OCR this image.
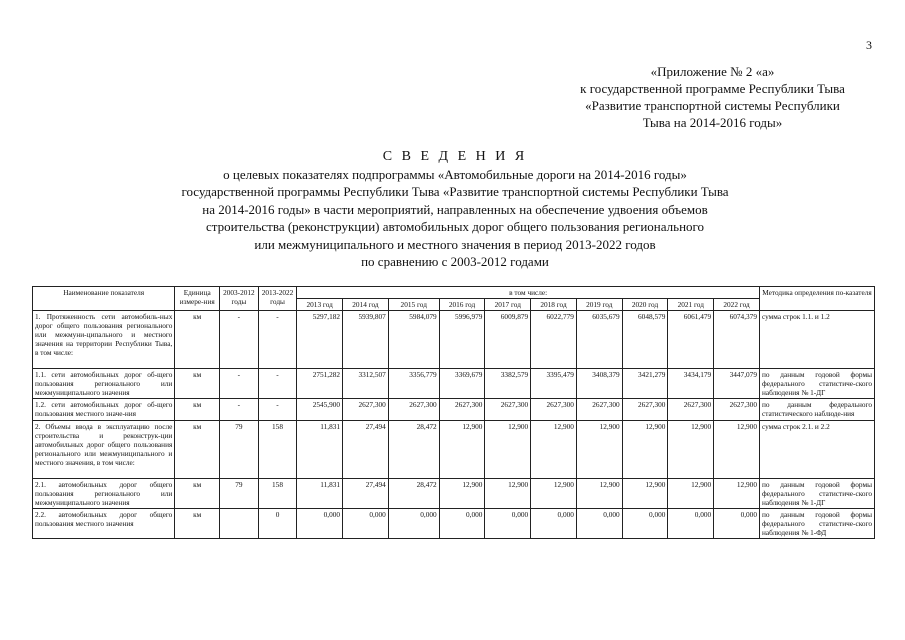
3
«Приложение № 2 «а»
к государственной программе Республики Тыва
«Развитие транспортной системы Республики
Тыва на 2014-2016 годы»
С В Е Д Е Н И Я
о целевых показателях подпрограммы «Автомобильные дороги на 2014-2016 годы»
государственной программы Республики Тыва «Развитие транспортной системы Республики Тыва
на 2014-2016 годы» в части мероприятий, направленных на обеспечение удвоения объемов
строительства (реконструкции) автомобильных дорог общего пользования регионального
или межмуниципального и местного значения в период 2013-2022 годов
по сравнению с 2003-2012 годами
Наименование показателя	Единица измере-ния	2003-2012 годы	2013-2022 годы	в том числе:										Методика определения по-казателя
				2013 год	2014 год	2015 год	2016 год	2017 год	2018 год	2019 год	2020 год	2021 год	2022 год	
1. Протяженность сети автомобиль-ных дорог общего пользования регионального или межмуни-ципального и местного значения на территории Республики Тыва, в том числе:	км	-	-	5297,182	5939,807	5984,079	5996,979	6009,879	6022,779	6035,679	6048,579	6061,479	6074,379	сумма строк 1.1. и 1.2
1.1. сети автомобильных дорог об-щего пользования регионального или межмуниципального значения	км	-	-	2751,282	3312,507	3356,779	3369,679	3382,579	3395,479	3408,379	3421,279	3434,179	3447,079	по данным годовой формы федерального статистиче-ского наблюдения № 1-ДГ
1.2. сети автомобильных дорог об-щего пользования местного значе-ния	км	-	-	2545,900	2627,300	2627,300	2627,300	2627,300	2627,300	2627,300	2627,300	2627,300	2627,300	по данным федерального статистического наблюде-ния
2. Объемы ввода в эксплуатацию после строительства и реконструк-ции автомобильных дорог общего пользования регионального или межмуниципального и местного значения, в том числе:	км	79	158	11,831	27,494	28,472	12,900	12,900	12,900	12,900	12,900	12,900	12,900	сумма строк 2.1. и 2.2
2.1. автомобильных дорог общего пользования регионального или межмуниципального значения	км	79	158	11,831	27,494	28,472	12,900	12,900	12,900	12,900	12,900	12,900	12,900	по данным годовой формы федерального статистиче-ского наблюдения № 1-ДГ
2.2. автомобильных дорог общего пользования местного значения	км		0	0,000	0,000	0,000	0,000	0,000	0,000	0,000	0,000	0,000	0,000	по данным годовой формы федерального статистиче-ского наблюдения № 1-ФД
